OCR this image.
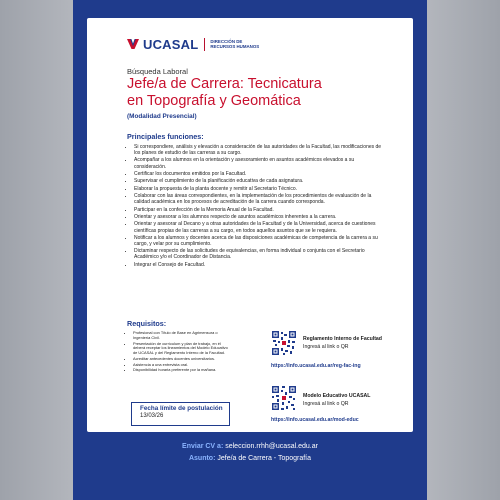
UCASAL	DIRECCIÓN DE
RECURSOS HUMANOS
Búsqueda Laboral
Jefe/a de Carrera: Tecnicatura
en Topografía y Geomática
(Modalidad Presencial)
Principales funciones:
• Si correspondiere, análisis y elevación a consideración de las autoridades de la Facultad, las modificaciones de los planes de estudio de las carreras a su cargo.
• Acompañar a los alumnos en la orientación y asesoramiento en asuntos académicos elevados a su consideración.
• Certificar los documentos emitidos por la Facultad.
• Supervisar el cumplimiento de la planificación educativa de cada asignatura.
• Elaborar la propuesta de la planta docente y remitir al Secretario Técnico.
• Colaborar con las áreas correspondientes, en la implementación de los procedimientos de evaluación de la calidad académica en los procesos de acreditación de la carrera cuando corresponda.
• Participar en la confección de la Memoria Anual de la Facultad.
• Orientar y asesorar a los alumnos respecto de asuntos académicos inherentes a la carrera.
• Orientar y asesorar al Decano y a otras autoridades de la Facultad y de la Universidad, acerca de cuestiones científicas propias de las carreras a su cargo, en todos aquellos asuntos que se le requiera.
• Notificar a los alumnos y docentes acerca de las disposiciones académicas de competencia de la carrera a su cargo, y velar por su cumplimiento.
• Dictaminar respecto de las solicitudes de equivalencias, en forma individual o conjunta con el Secretario Académico y/o el Coordinador de Distancia.
• Integrar el Consejo de Facultad.
Requisitos:
• Profesional con Título de Base en Agrimensura o Ingeniería Civil.
• Presentación de currículum y plan de trabajo, en él deberá receptar los lineamientos del Modelo Educativo de UCASAL y del Reglamento Interno de la Facultad.
• Acreditar antecedentes docentes universitarios.
• Asistencia a una entrevista oral.
• Disponibilidad horaria preferente por la mañana.
Fecha límite de postulación
13/03/26
Reglamento Interno de Facultad
Ingresá al link o QR
https://info.ucasal.edu.ar/reg-fac-ing
Modelo Educativo UCASAL
Ingresá al link o QR
https://info.ucasal.edu.ar/mod-educ
Enviar CV a: seleccion.rrhh@ucasal.edu.ar
Asunto: Jefe/a de Carrera - Topografía
